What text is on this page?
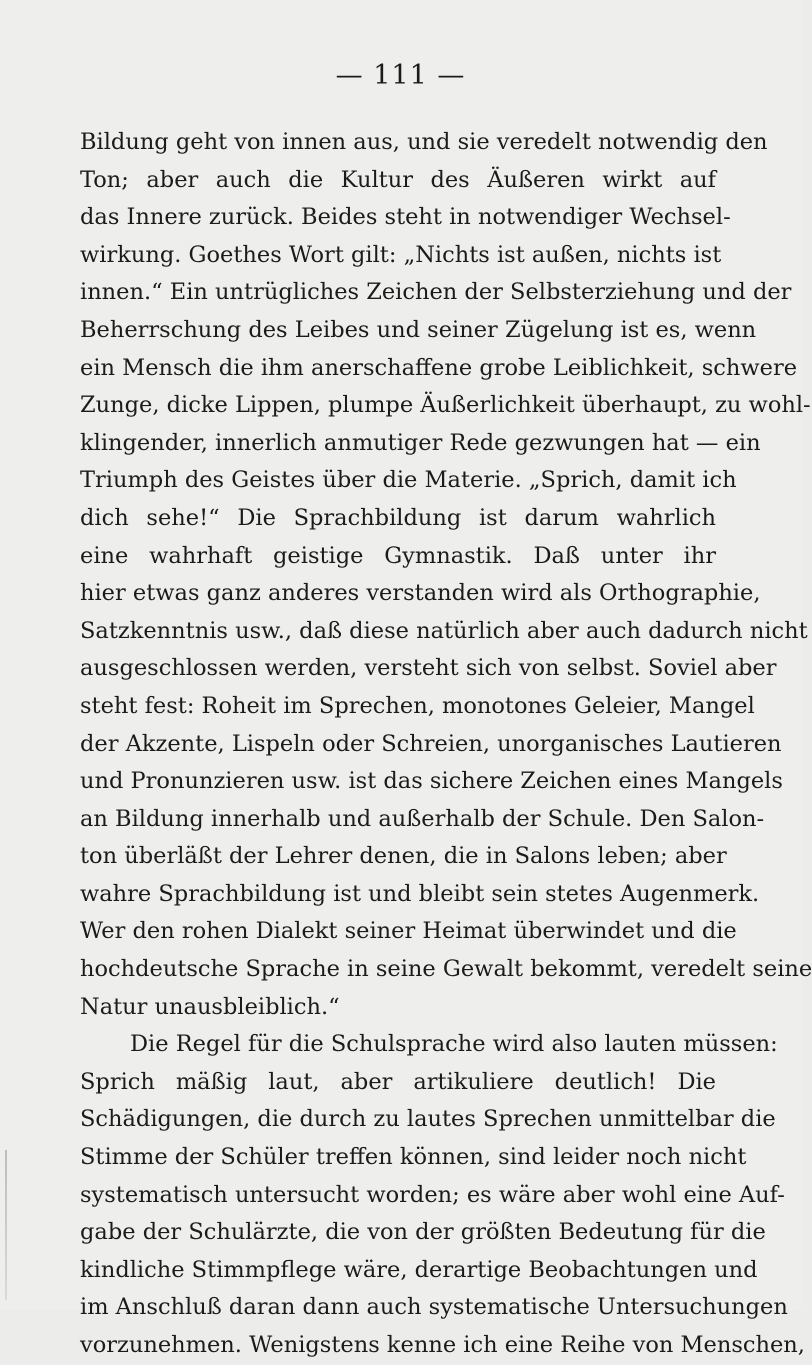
— 111 —
Bildung geht von innen aus, und sie veredelt notwendig den
Ton; aber auch die Kultur des Äußeren wirkt auf
das Innere zurück. Beides steht in notwendiger Wechsel-
wirkung. Goethes Wort gilt: „Nichts ist außen, nichts ist
innen.“ Ein untrügliches Zeichen der Selbsterziehung und der
Beherrschung des Leibes und seiner Zügelung ist es, wenn
ein Mensch die ihm anerschaffene grobe Leiblichkeit, schwere
Zunge, dicke Lippen, plumpe Äußerlichkeit überhaupt, zu wohl-
klingender, innerlich anmutiger Rede gezwungen hat — ein
Triumph des Geistes über die Materie. „Sprich, damit ich
dich sehe!“ Die Sprachbildung ist darum wahrlich
eine wahrhaft geistige Gymnastik. Daß unter ihr
hier etwas ganz anderes verstanden wird als Orthographie,
Satzkenntnis usw., daß diese natürlich aber auch dadurch nicht
ausgeschlossen werden, versteht sich von selbst. Soviel aber
steht fest: Roheit im Sprechen, monotones Geleier, Mangel
der Akzente, Lispeln oder Schreien, unorganisches Lautieren
und Pronunzieren usw. ist das sichere Zeichen eines Mangels
an Bildung innerhalb und außerhalb der Schule. Den Salon-
ton überläßt der Lehrer denen, die in Salons leben; aber
wahre Sprachbildung ist und bleibt sein stetes Augenmerk.
Wer den rohen Dialekt seiner Heimat überwindet und die
hochdeutsche Sprache in seine Gewalt bekommt, veredelt seine
Natur unausbleiblich.“
Die Regel für die Schulsprache wird also lauten müssen:
Sprich mäßig laut, aber artikuliere deutlich! Die
Schädigungen, die durch zu lautes Sprechen unmittelbar die
Stimme der Schüler treffen können, sind leider noch nicht
systematisch untersucht worden; es wäre aber wohl eine Auf-
gabe der Schulärzte, die von der größten Bedeutung für die
kindliche Stimmpflege wäre, derartige Beobachtungen und
im Anschluß daran dann auch systematische Untersuchungen
vorzunehmen. Wenigstens kenne ich eine Reihe von Menschen,
